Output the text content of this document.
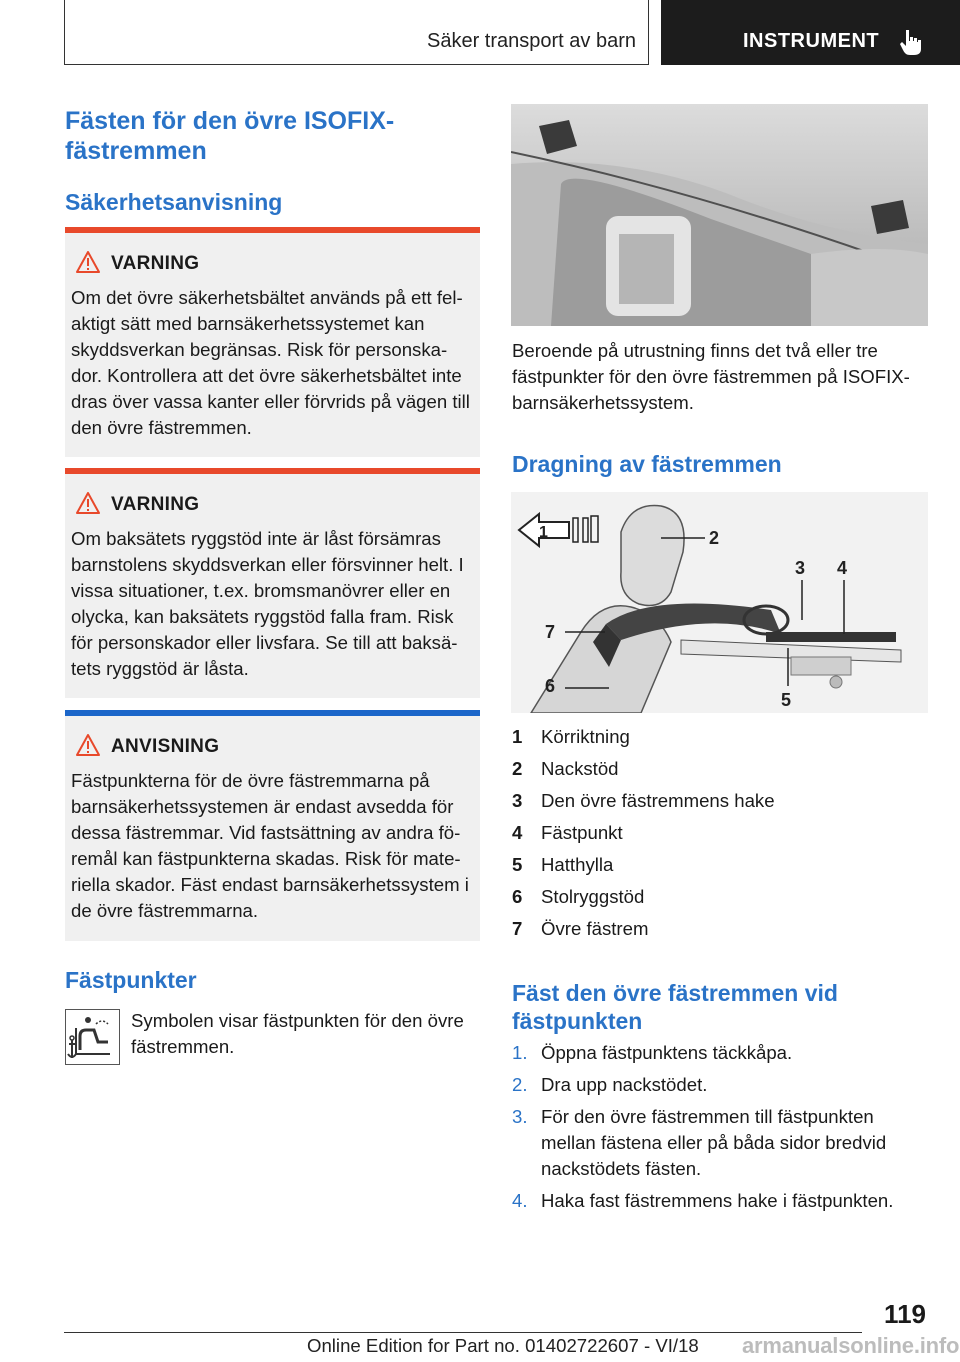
Säker transport av barn	INSTRUMENT
Fästen för den övre ISOFIX-fästremmen
Säkerhetsanvisning
VARNING
Om det övre säkerhetsbältet används på ett fel-aktigt sätt med barnsäkerhetssystemet kan skyddsverkan begränsas. Risk för personska-dor. Kontrollera att det övre säkerhetsbältet inte dras över vassa kanter eller förvrids på vägen till den övre fästremmen.
VARNING
Om baksätets ryggstöd inte är låst försämras barnstolens skyddsverkan eller försvinner helt. I vissa situationer, t.ex. bromsmanövrer eller en olycka, kan baksätets ryggstöd falla fram. Risk för personskador eller livsfara. Se till att baksä-tets ryggstöd är låsta.
ANVISNING
Fästpunkterna för de övre fästremmarna på barnsäkerhetssystemen är endast avsedda för dessa fästremmar. Vid fastsättning av andra fö-remål kan fästpunkterna skadas. Risk för mate-riella skador. Fäst endast barnsäkerhetssystem i de övre fästremmarna.
Fästpunkter
Symbolen visar fästpunkten för den övre fästremmen.
Beroende på utrustning finns det två eller tre fästpunkter för den övre fästremmen på ISOFIX-barnsäkerhetssystem.
Dragning av fästremmen
1	2
3 4
5
6
7
1 Körriktning
2 Nackstöd
3 Den övre fästremmens hake
4 Fästpunkt
5 Hatthylla
6 Stolryggstöd
7 Övre fästrem
Fäst den övre fästremmen vid fästpunkten
1. Öppna fästpunktens täckkåpa.
2. Dra upp nackstödet.
3. För den övre fästremmen till fästpunkten mellan fästena eller på båda sidor bredvid nackstödets fästen.
4. Haka fast fästremmens hake i fästpunkten.
119
Online Edition for Part no. 01402722607 - VI/18 armanualsonline.info
